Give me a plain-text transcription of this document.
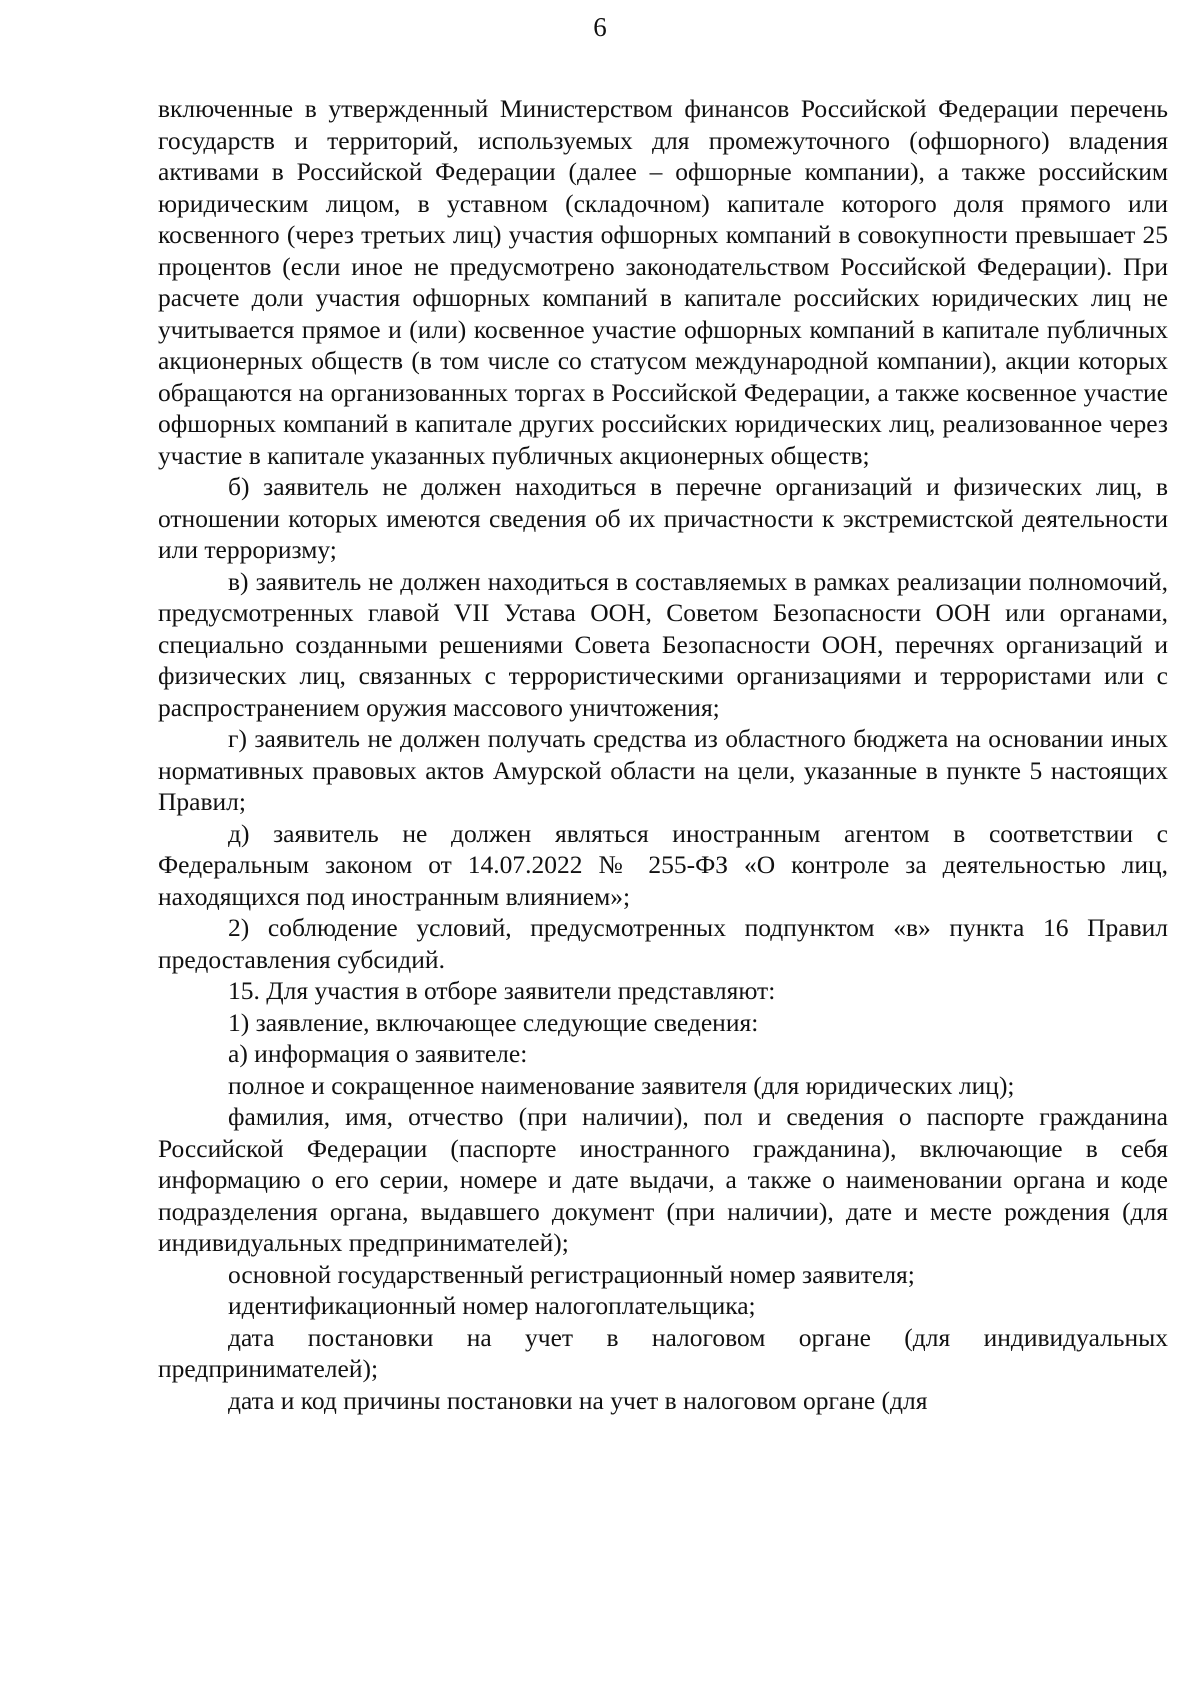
6

включенные в утвержденный Министерством финансов Российской Федерации перечень государств и территорий, используемых для промежуточного (офшорного) владения активами в Российской Федерации (далее – офшорные компании), а также российским юридическим лицом, в уставном (складочном) капитале которого доля прямого или косвенного (через третьих лиц) участия офшорных компаний в совокупности превышает 25 процентов (если иное не предусмотрено законодательством Российской Федерации). При расчете доли участия офшорных компаний в капитале российских юридических лиц не учитывается прямое и (или) косвенное участие офшорных компаний в капитале публичных акционерных обществ (в том числе со статусом международной компании), акции которых обращаются на организованных торгах в Российской Федерации, а также косвенное участие офшорных компаний в капитале других российских юридических лиц, реализованное через участие в капитале указанных публичных акционерных обществ;

б) заявитель не должен находиться в перечне организаций и физических лиц, в отношении которых имеются сведения об их причастности к экстремистской деятельности или терроризму;

в) заявитель не должен находиться в составляемых в рамках реализации полномочий, предусмотренных главой VII Устава ООН, Советом Безопасности ООН или органами, специально созданными решениями Совета Безопасности ООН, перечнях организаций и физических лиц, связанных с террористическими организациями и террористами или с распространением оружия массового уничтожения;

г) заявитель не должен получать средства из областного бюджета на основании иных нормативных правовых актов Амурской области на цели, указанные в пункте 5 настоящих Правил;

д) заявитель не должен являться иностранным агентом в соответствии с Федеральным законом от 14.07.2022 № 255-ФЗ «О контроле за деятельностью лиц, находящихся под иностранным влиянием»;

2) соблюдение условий, предусмотренных подпунктом «в» пункта 16 Правил предоставления субсидий.

15. Для участия в отборе заявители представляют:

1) заявление, включающее следующие сведения:

а) информация о заявителе:

полное и сокращенное наименование заявителя (для юридических лиц);

фамилия, имя, отчество (при наличии), пол и сведения о паспорте гражданина Российской Федерации (паспорте иностранного гражданина), включающие в себя информацию о его серии, номере и дате выдачи, а также о наименовании органа и коде подразделения органа, выдавшего документ (при наличии), дате и месте рождения (для индивидуальных предпринимателей);

основной государственный регистрационный номер заявителя;

идентификационный номер налогоплательщика;

дата постановки на учет в налоговом органе (для индивидуальных предпринимателей);

дата и код причины постановки на учет в налоговом органе (для
